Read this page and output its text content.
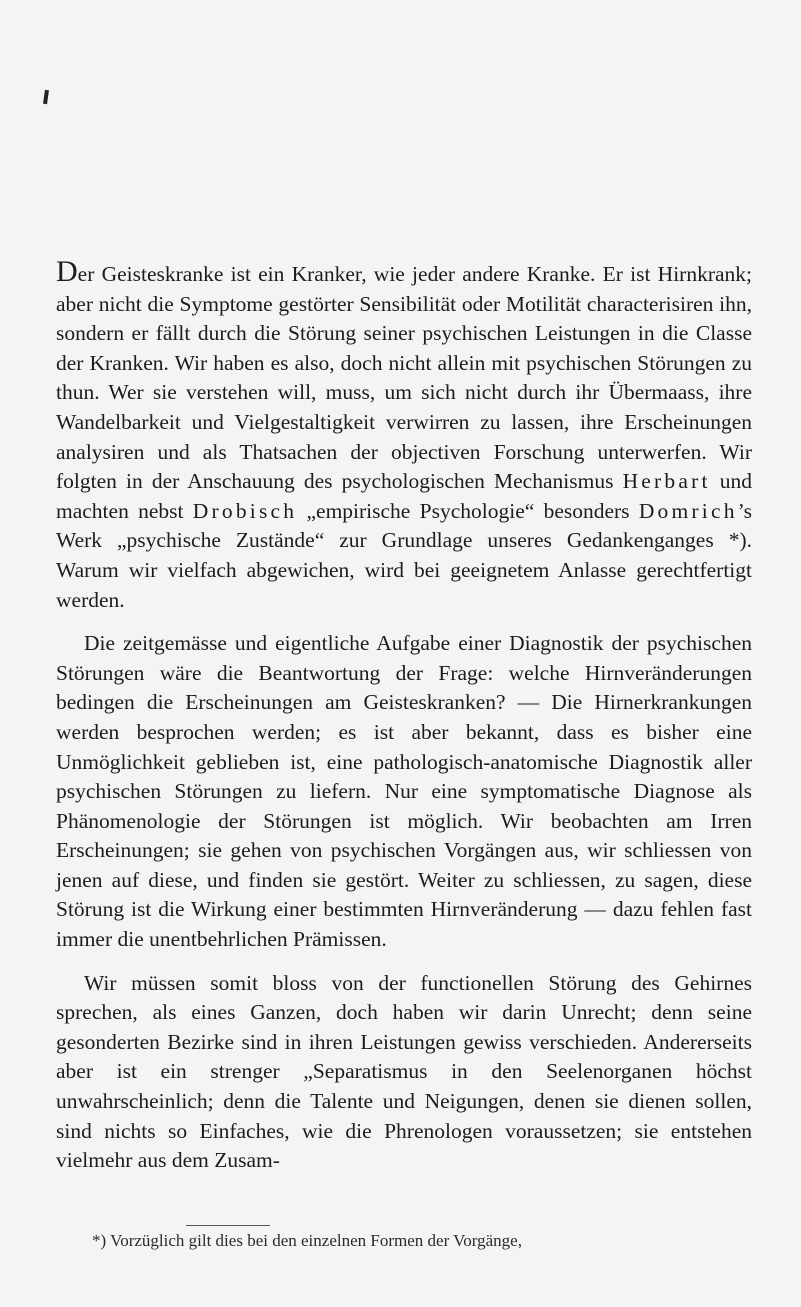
Der Geisteskranke ist ein Kranker, wie jeder andere Kranke. Er ist Hirnkrank; aber nicht die Symptome gestörter Sensibilität oder Motilität characterisiren ihn, sondern er fällt durch die Störung seiner psychischen Leistungen in die Classe der Kranken. Wir haben es also, doch nicht allein mit psychischen Störungen zu thun. Wer sie verstehen will, muss, um sich nicht durch ihr Übermaass, ihre Wandelbarkeit und Vielgestaltigkeit verwirren zu lassen, ihre Erscheinungen analysiren und als Thatsachen der objectiven Forschung unterwerfen. Wir folgten in der Anschauung des psychologischen Mechanismus Herbart und machten nebst Drobisch „empirische Psychologie“ besonders Domrich’s Werk „psychische Zustände“ zur Grundlage unseres Gedankenganges *). Warum wir vielfach abgewichen, wird bei geeignetem Anlasse gerechtfertigt werden.

Die zeitgemässe und eigentliche Aufgabe einer Diagnostik der psychischen Störungen wäre die Beantwortung der Frage: welche Hirnveränderungen bedingen die Erscheinungen am Geisteskranken? — Die Hirnerkrankungen werden besprochen werden; es ist aber bekannt, dass es bisher eine Unmöglichkeit geblieben ist, eine pathologisch-anatomische Diagnostik aller psychischen Störungen zu liefern. Nur eine symptomatische Diagnose als Phänomenologie der Störungen ist möglich. Wir beobachten am Irren Erscheinungen; sie gehen von psychischen Vorgängen aus, wir schliessen von jenen auf diese, und finden sie gestört. Weiter zu schliessen, zu sagen, diese Störung ist die Wirkung einer bestimmten Hirnveränderung — dazu fehlen fast immer die unentbehrlichen Prämissen.

Wir müssen somit bloss von der functionellen Störung des Gehirnes sprechen, als eines Ganzen, doch haben wir darin Unrecht; denn seine gesonderten Bezirke sind in ihren Leistungen gewiss verschieden. Andererseits aber ist ein strenger „Separatismus in den Seelenorganen höchst unwahrscheinlich; denn die Talente und Neigungen, denen sie dienen sollen, sind nichts so Einfaches, wie die Phrenologen voraussetzen; sie entstehen vielmehr aus dem Zusam-

*) Vorzüglich gilt dies bei den einzelnen Formen der Vorgänge,
